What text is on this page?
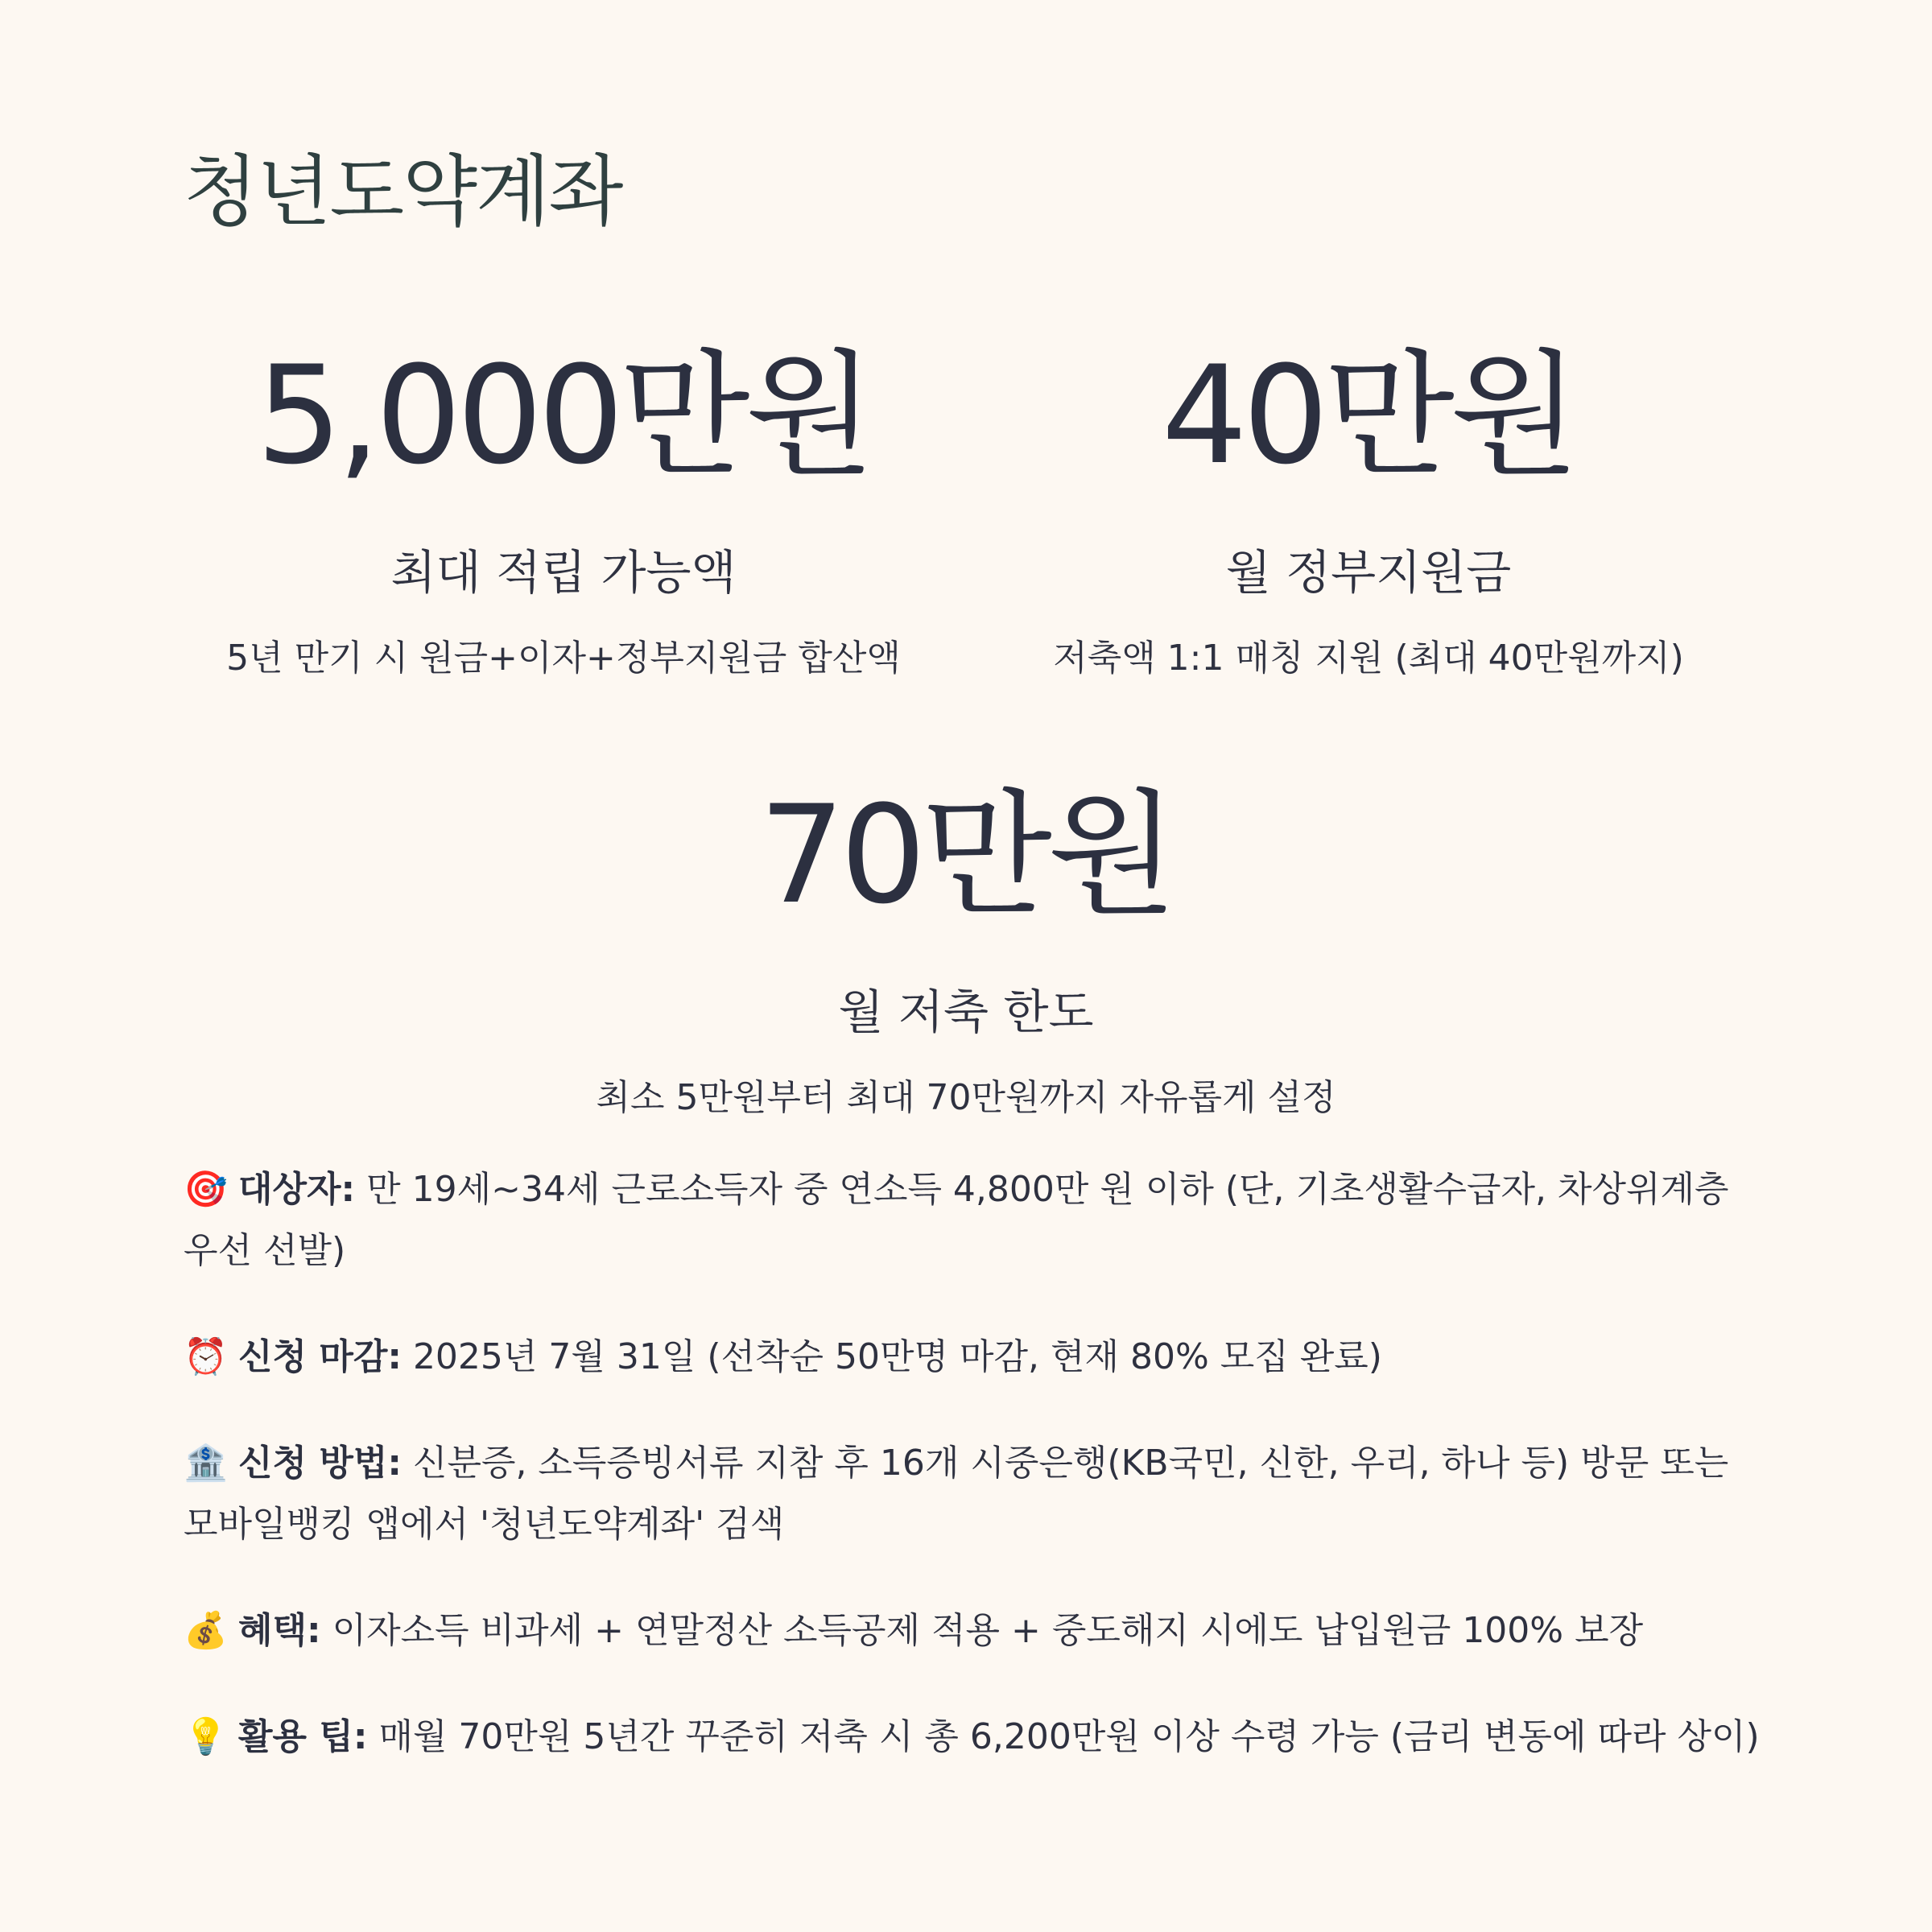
청년도약계좌
5,000만원
최대 적립 가능액
5년 만기 시 원금+이자+정부지원금 합산액
40만원
월 정부지원금
저축액 1:1 매칭 지원 (최대 40만원까지)
70만원
월 저축 한도
최소 5만원부터 최대 70만원까지 자유롭게 설정

🎯 대상자: 만 19세~34세 근로소득자 중 연소득 4,800만 원 이하 (단, 기초생활수급자, 차상위계층 우선 선발)

⏰ 신청 마감: 2025년 7월 31일 (선착순 50만명 마감, 현재 80% 모집 완료)

🏦 신청 방법: 신분증, 소득증빙서류 지참 후 16개 시중은행(KB국민, 신한, 우리, 하나 등) 방문 또는 모바일뱅킹 앱에서 '청년도약계좌' 검색

💰 혜택: 이자소득 비과세 + 연말정산 소득공제 적용 + 중도해지 시에도 납입원금 100% 보장

💡 활용 팁: 매월 70만원 5년간 꾸준히 저축 시 총 6,200만원 이상 수령 가능 (금리 변동에 따라 상이)
